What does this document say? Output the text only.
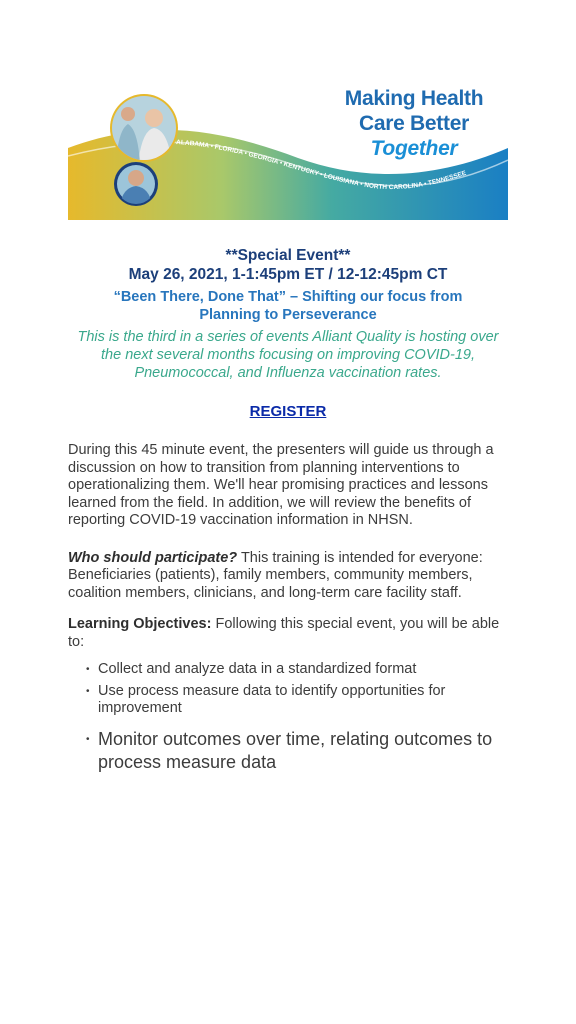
ALABAMA • FLORIDA • GEORGIA • KENTUCKY • LOUISIANA • NORTH CAROLINA • TENNESSEE
Making Health
Care Better
Together

**Special Event**

May 26, 2021, 1-1:45pm ET / 12-12:45pm CT

“Been There, Done That” – Shifting our focus from
Planning to Perseverance

This is the third in a series of events Alliant Quality is hosting over the next several months focusing on improving COVID-19, Pneumococcal, and Influenza vaccination rates.

REGISTER

During this 45 minute event, the presenters will guide us through a discussion on how to transition from planning interventions to operationalizing them. We'll hear promising practices and lessons learned from the field. In addition, we will review the benefits of reporting COVID-19 vaccination information in NHSN.

Who should participate? This training is intended for everyone: Beneficiaries (patients), family members, community members, coalition members, clinicians, and long-term care facility staff.

Learning Objectives: Following this special event, you will be able to:

• Collect and analyze data in a standardized format
• Use process measure data to identify opportunities for improvement
• Monitor outcomes over time, relating outcomes to process measure data
